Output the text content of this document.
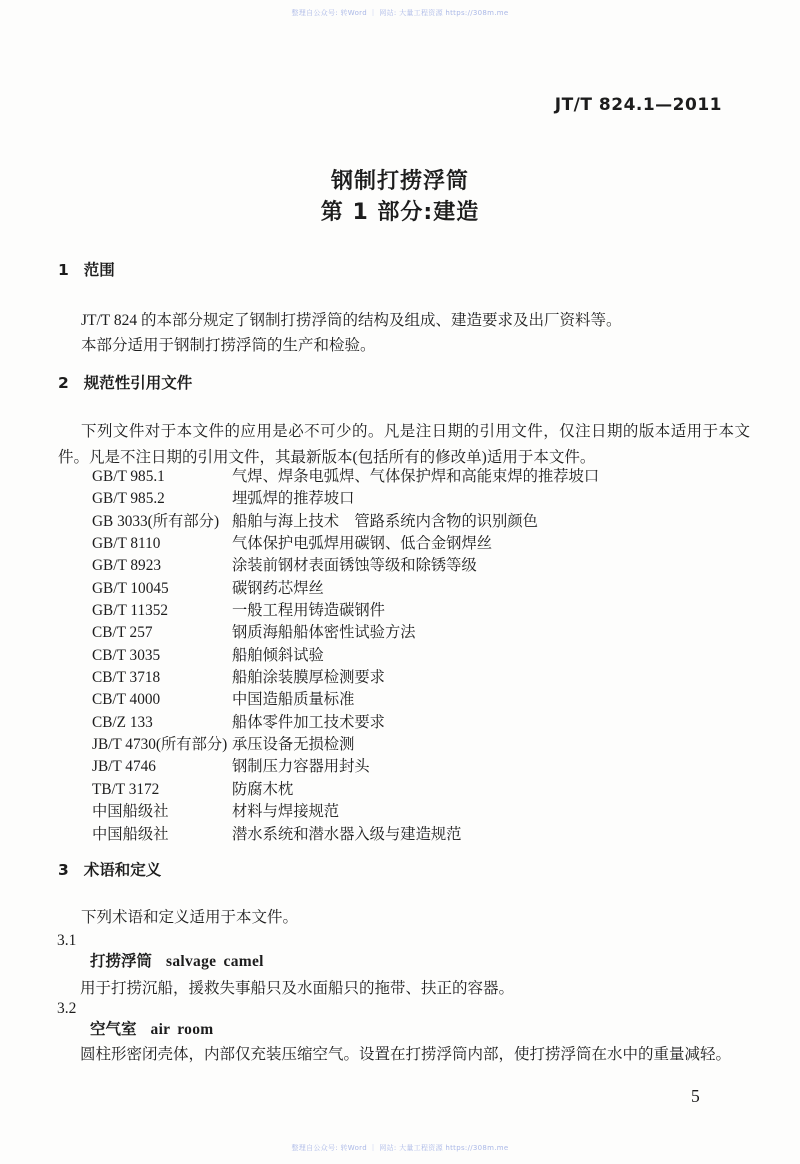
整理自公众号: 转Word ｜ 网站: 大量工程资源 https://308m.me
JT/T 824.1—2011
钢制打捞浮筒
第 1 部分:建造
1 范围
JT/T 824 的本部分规定了钢制打捞浮筒的结构及组成、建造要求及出厂资料等。
本部分适用于钢制打捞浮筒的生产和检验。
2 规范性引用文件
下列文件对于本文件的应用是必不可少的。凡是注日期的引用文件，仅注日期的版本适用于本文件。凡是不注日期的引用文件，其最新版本(包括所有的修改单)适用于本文件。
GB/T 985.1	气焊、焊条电弧焊、气体保护焊和高能束焊的推荐坡口
GB/T 985.2	埋弧焊的推荐坡口
GB 3033(所有部分) 船舶与海上技术　管路系统内含物的识别颜色
GB/T 8110	气体保护电弧焊用碳钢、低合金钢焊丝
GB/T 8923	涂装前钢材表面锈蚀等级和除锈等级
GB/T 10045	碳钢药芯焊丝
GB/T 11352	一般工程用铸造碳钢件
CB/T 257	钢质海船船体密性试验方法
CB/T 3035	船舶倾斜试验
CB/T 3718	船舶涂装膜厚检测要求
CB/T 4000	中国造船质量标准
CB/Z 133	船体零件加工技术要求
JB/T 4730(所有部分) 承压设备无损检测
JB/T 4746	钢制压力容器用封头
TB/T 3172	防腐木枕
中国船级社	材料与焊接规范
中国船级社	潜水系统和潜水器入级与建造规范
3 术语和定义
下列术语和定义适用于本文件。
3.1
打捞浮筒 salvage camel
用于打捞沉船，援救失事船只及水面船只的拖带、扶正的容器。
3.2
空气室 air room
圆柱形密闭壳体，内部仅充装压缩空气。设置在打捞浮筒内部，使打捞浮筒在水中的重量减轻。
5
整理自公众号: 转Word ｜ 网站: 大量工程资源 https://308m.me
